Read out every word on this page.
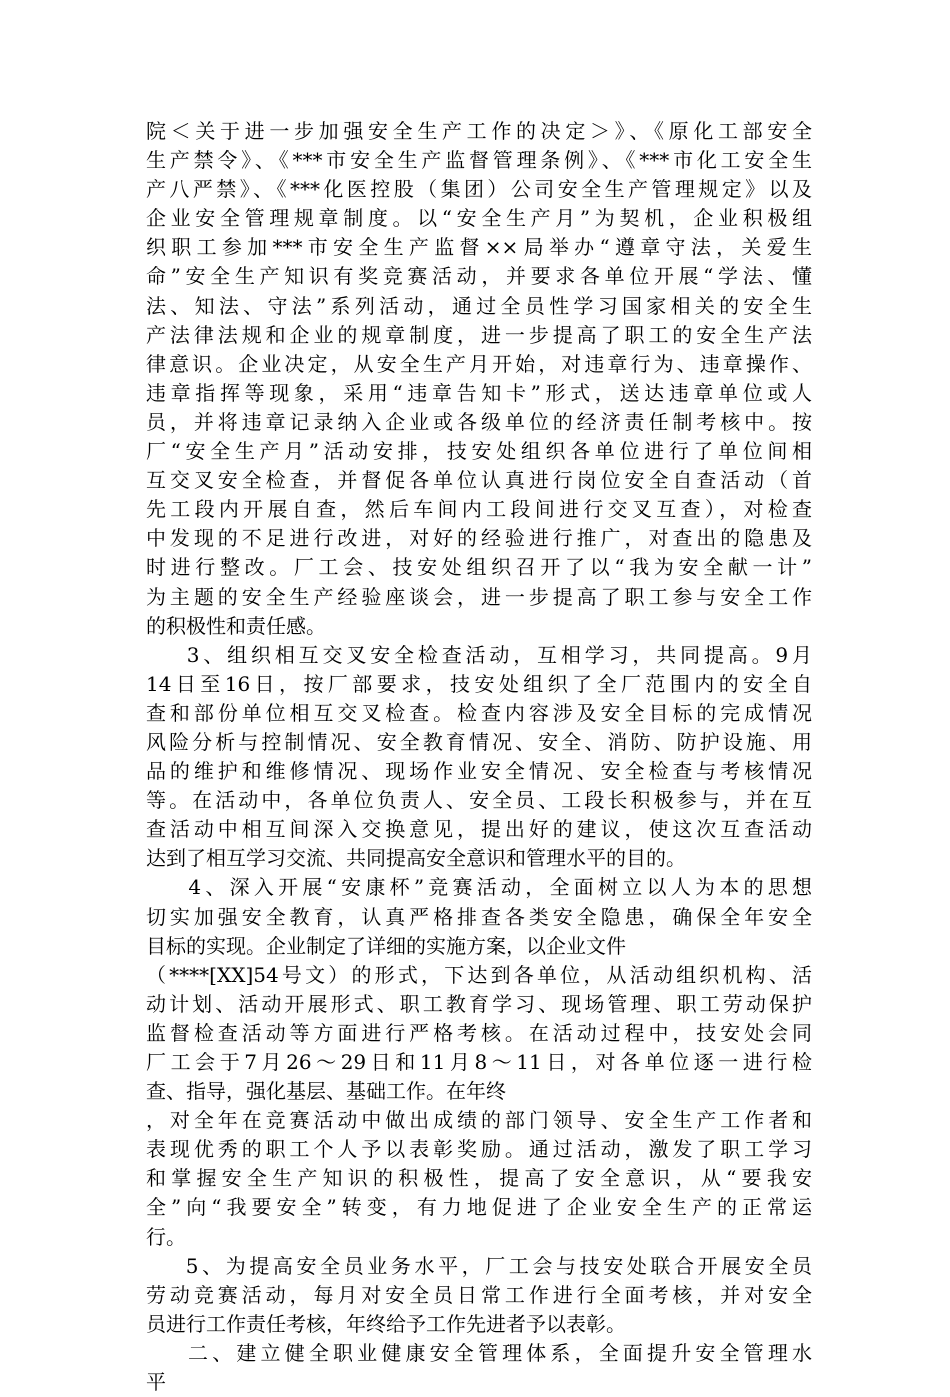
院＜关于进一步加强安全生产工作的决定＞》、《原化工部安全
生产禁令》、《***市安全生产监督管理条例》、《***市化工安全生
产八严禁》、《***化医控股（集团）公司安全生产管理规定》以及
企业安全管理规章制度。以“安全生产月”为契机，企业积极组
织职工参加***市安全生产监督××局举办“遵章守法，关爱生
命”安全生产知识有奖竞赛活动，并要求各单位开展“学法、懂
法、知法、守法”系列活动，通过全员性学习国家相关的安全生
产法律法规和企业的规章制度，进一步提高了职工的安全生产法
律意识。企业决定，从安全生产月开始，对违章行为、违章操作、
违章指挥等现象，采用“违章告知卡”形式，送达违章单位或人
员，并将违章记录纳入企业或各级单位的经济责任制考核中。按
厂“安全生产月”活动安排，技安处组织各单位进行了单位间相
互交叉安全检查，并督促各单位认真进行岗位安全自查活动（首
先工段内开展自查，然后车间内工段间进行交叉互查），对检查
中发现的不足进行改进，对好的经验进行推广，对查出的隐患及
时进行整改。厂工会、技安处组织召开了以“我为安全献一计”
为主题的安全生产经验座谈会，进一步提高了职工参与安全工作
的积极性和责任感。
3、组织相互交叉安全检查活动，互相学习，共同提高。9月
14日至16日，按厂部要求，技安处组织了全厂范围内的安全自
查和部份单位相互交叉检查。检查内容涉及安全目标的完成情况
风险分析与控制情况、安全教育情况、安全、消防、防护设施、用
品的维护和维修情况、现场作业安全情况、安全检查与考核情况
等。在活动中，各单位负责人、安全员、工段长积极参与，并在互
查活动中相互间深入交换意见，提出好的建议，使这次互查活动
达到了相互学习交流、共同提高安全意识和管理水平的目的。
4、深入开展“安康杯”竞赛活动，全面树立以人为本的思想
切实加强安全教育，认真严格排查各类安全隐患，确保全年安全
目标的实现。企业制定了详细的实施方案，以企业文件
（****[XX]54号文）的形式，下达到各单位，从活动组织机构、活
动计划、活动开展形式、职工教育学习、现场管理、职工劳动保护
监督检查活动等方面进行严格考核。在活动过程中，技安处会同
厂工会于7月26～29日和11月8～11日，对各单位逐一进行检
查、指导，强化基层、基础工作。在年终
，对全年在竞赛活动中做出成绩的部门领导、安全生产工作者和
表现优秀的职工个人予以表彰奖励。通过活动，激发了职工学习
和掌握安全生产知识的积极性，提高了安全意识，从“要我安
全”向“我要安全”转变，有力地促进了企业安全生产的正常运
行。
5、为提高安全员业务水平，厂工会与技安处联合开展安全员
劳动竞赛活动，每月对安全员日常工作进行全面考核，并对安全
员进行工作责任考核，年终给予工作先进者予以表彰。
二、建立健全职业健康安全管理体系，全面提升安全管理水
平
